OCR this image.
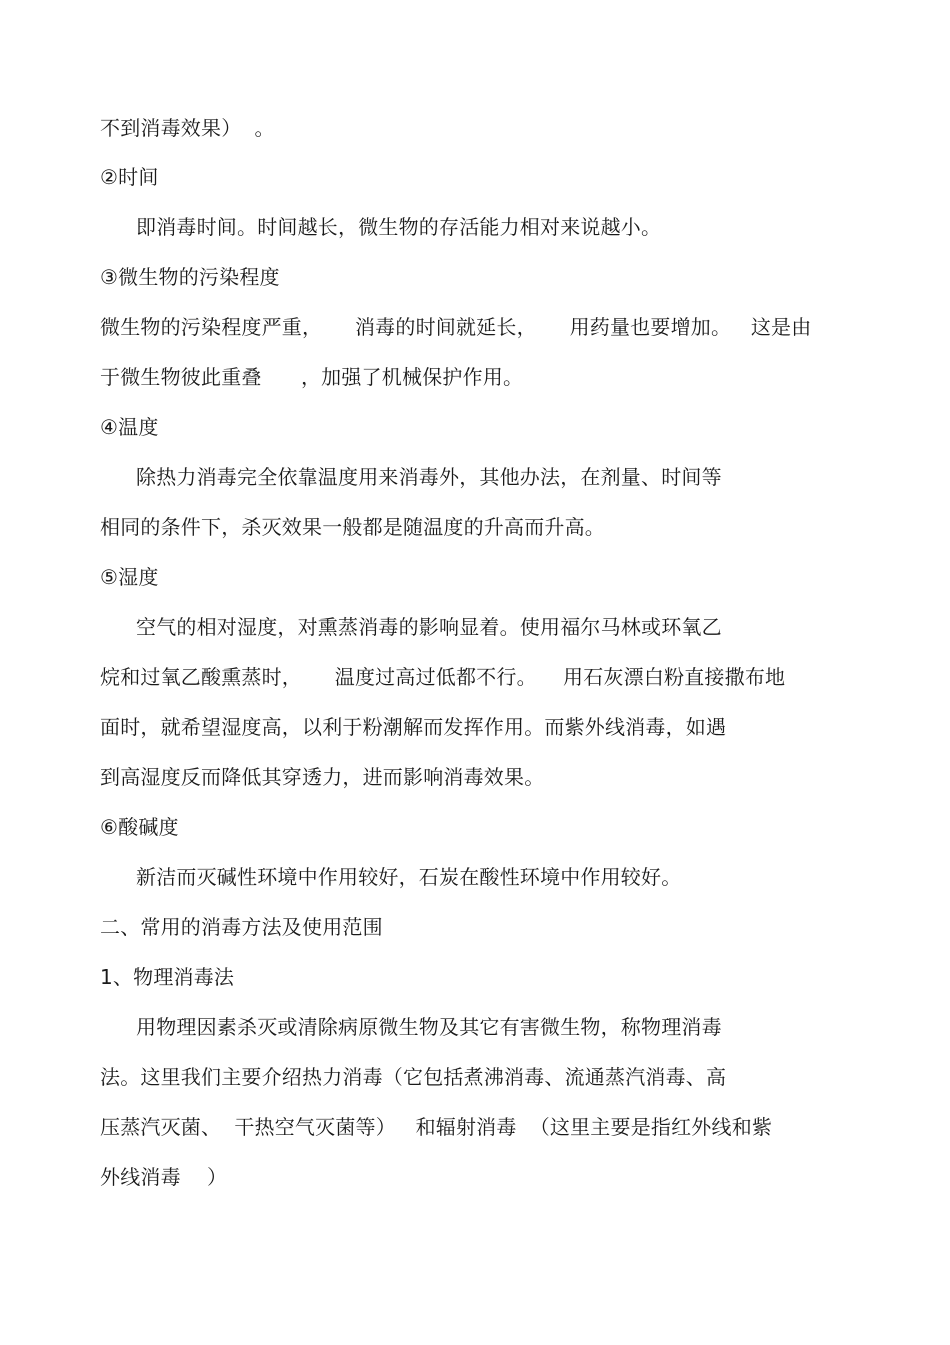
不到消毒效果）  。
②时间
即消毒时间。时间越长，微生物的存活能力相对来说越小。
③微生物的污染程度
微生物的污染程度严重，     消毒的时间就延长，     用药量也要增加。   这是由
于微生物彼此重叠      ，加强了机械保护作用。
④温度
除热力消毒完全依靠温度用来消毒外，其他办法，在剂量、时间等
相同的条件下，杀灭效果一般都是随温度的升高而升高。
⑤湿度
空气的相对湿度，对熏蒸消毒的影响显着。使用福尔马林或环氧乙
烷和过氧乙酸熏蒸时，     温度过高过低都不行。    用石灰漂白粉直接撒布地
面时，就希望湿度高，以利于粉潮解而发挥作用。而紫外线消毒，如遇
到高湿度反而降低其穿透力，进而影响消毒效果。
⑥酸碱度
新洁而灭碱性环境中作用较好，石炭在酸性环境中作用较好。
二、常用的消毒方法及使用范围
1、物理消毒法
用物理因素杀灭或清除病原微生物及其它有害微生物，称物理消毒
法。这里我们主要介绍热力消毒（它包括煮沸消毒、流通蒸汽消毒、高
压蒸汽灭菌、  干热空气灭菌等）   和辐射消毒  （这里主要是指红外线和紫
外线消毒    ）
